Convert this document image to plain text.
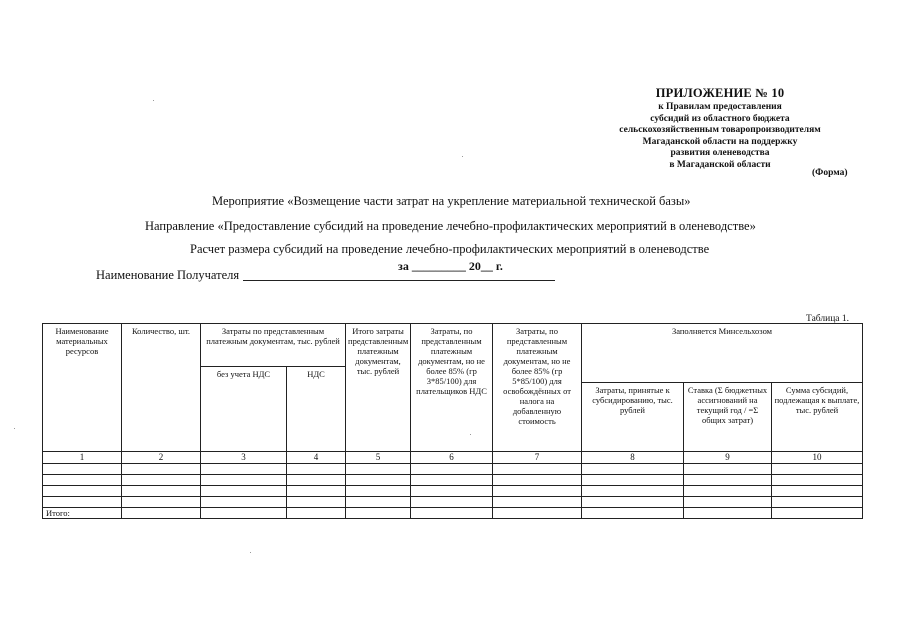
ПРИЛОЖЕНИЕ № 10
к Правилам предоставления
субсидий из областного бюджета
сельскохозяйственным товаропроизводителям
Магаданской области на поддержку
развития оленеводства
в Магаданской области
(Форма)
Мероприятие «Возмещение части затрат на укрепление материальной технической базы»
Направление «Предоставление субсидий на проведение лечебно-профилактических мероприятий в оленеводстве»
Расчет размера субсидий на проведение лечебно-профилактических мероприятий в оленеводстве
за _________ 20__ г.
Наименование Получателя
Таблица 1.
Наименование материальных ресурсов	Количество, шт.	Затраты по представленным платежным документам, тыс. рублей		Итого затраты представленным платежным документам, тыс. рублей	Затраты, по представленным платежным документам, но не более 85% (гр 3*85/100) для плательщиков НДС	Затраты, по представленным платежным документам, но не более 85% (гр 5*85/100) для освобождённых от налога на добавленную стоимость	Заполняется Минсельхозом		
		без учета НДС	НДС						
							Затраты, принятые к субсидированию, тыс. рублей	Ставка (Σ бюджетных ассигнований на текущий год / =Σ общих затрат)	Сумма субсидий, подлежащая к выплате, тыс. рублей
1	2	3	4	5	6	7	8	9	10

Итого:									
